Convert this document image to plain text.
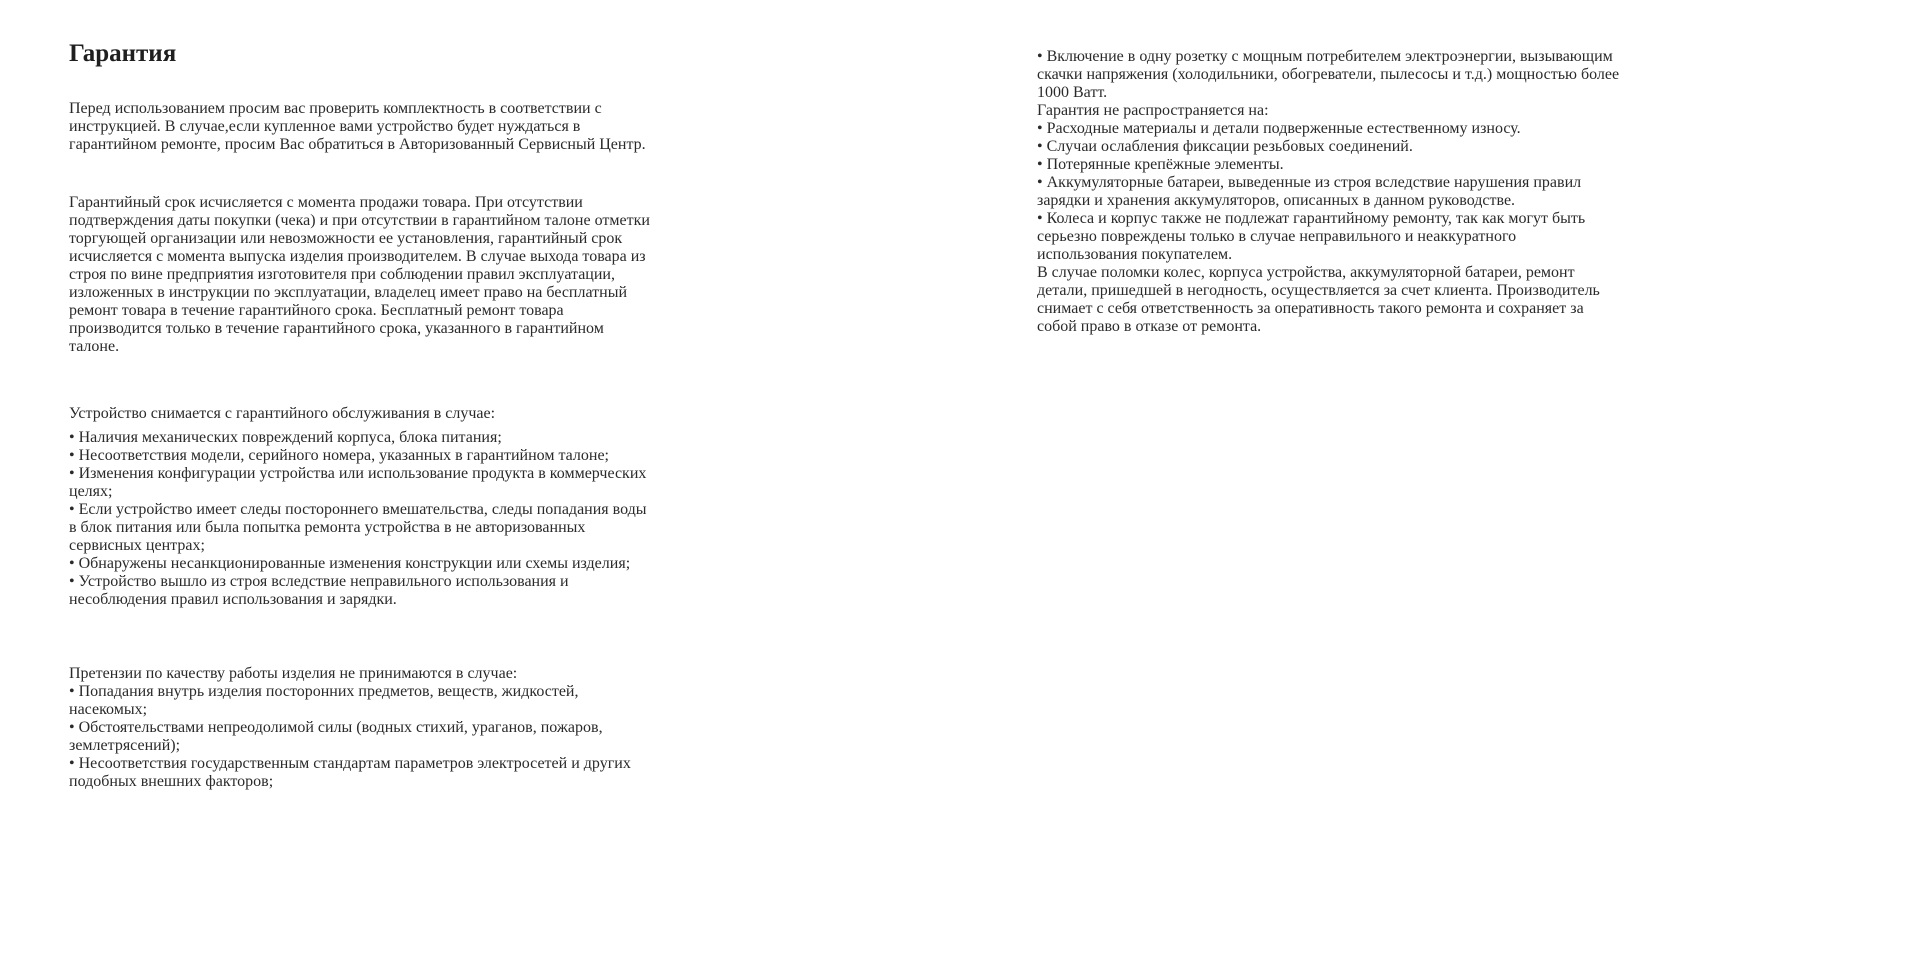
Гарантия

Перед использованием просим вас проверить комплектность в соответствии с
инструкцией. В случае,если купленное вами устройство будет нуждаться в
гарантийном ремонте, просим Вас обратиться в Авторизованный Сервисный Центр.

Гарантийный срок исчисляется с момента продажи товара. При отсутствии
подтверждения даты покупки (чека) и при отсутствии в гарантийном талоне отметки
торгующей организации или невозможности ее установления, гарантийный срок
исчисляется с момента выпуска изделия производителем. В случае выхода товара из
строя по вине предприятия изготовителя при соблюдении правил эксплуатации,
изложенных в инструкции по эксплуатации, владелец имеет право на бесплатный
ремонт товара в течение гарантийного срока. Бесплатный ремонт товара
производится только в течение гарантийного срока, указанного в гарантийном
талоне.

Устройство снимается с гарантийного обслуживания в случае:
• Наличия механических повреждений корпуса, блока питания;
• Несоответствия модели, серийного номера, указанных в гарантийном талоне;
• Изменения конфигурации устройства или использование продукта в коммерческих
целях;
• Если устройство имеет следы постороннего вмешательства, следы попадания воды
в блок питания или была попытка ремонта устройства в не авторизованных
сервисных центрах;
• Обнаружены несанкционированные изменения конструкции или схемы изделия;
• Устройство вышло из строя вследствие неправильного использования и
несоблюдения правил использования и зарядки.
Претензии по качеству работы изделия не принимаются в случае:
• Попадания внутрь изделия посторонних предметов, веществ, жидкостей,
насекомых;
• Обстоятельствами непреодолимой силы (водных стихий, ураганов, пожаров,
землетрясений);
• Несоответствия государственным стандартам параметров электросетей и других
подобных внешних факторов;
• Включение в одну розетку с мощным потребителем электроэнергии, вызывающим
скачки напряжения (холодильники, обогреватели, пылесосы и т.д.) мощностью более
1000 Ватт.
Гарантия не распространяется на:
• Расходные материалы и детали подверженные естественному износу.
• Случаи ослабления фиксации резьбовых соединений.
• Потерянные крепёжные элементы.
• Аккумуляторные батареи, выведенные из строя вследствие нарушения правил
зарядки и хранения аккумуляторов, описанных в данном руководстве.
• Колеса и корпус также не подлежат гарантийному ремонту, так как могут быть
серьезно повреждены только в случае неправильного и неаккуратного
использования покупателем.
В случае поломки колес, корпуса устройства, аккумуляторной батареи, ремонт
детали, пришедшей в негодность, осуществляется за счет клиента. Производитель
снимает с себя ответственность за оперативность такого ремонта и сохраняет за
собой право в отказе от ремонта.
